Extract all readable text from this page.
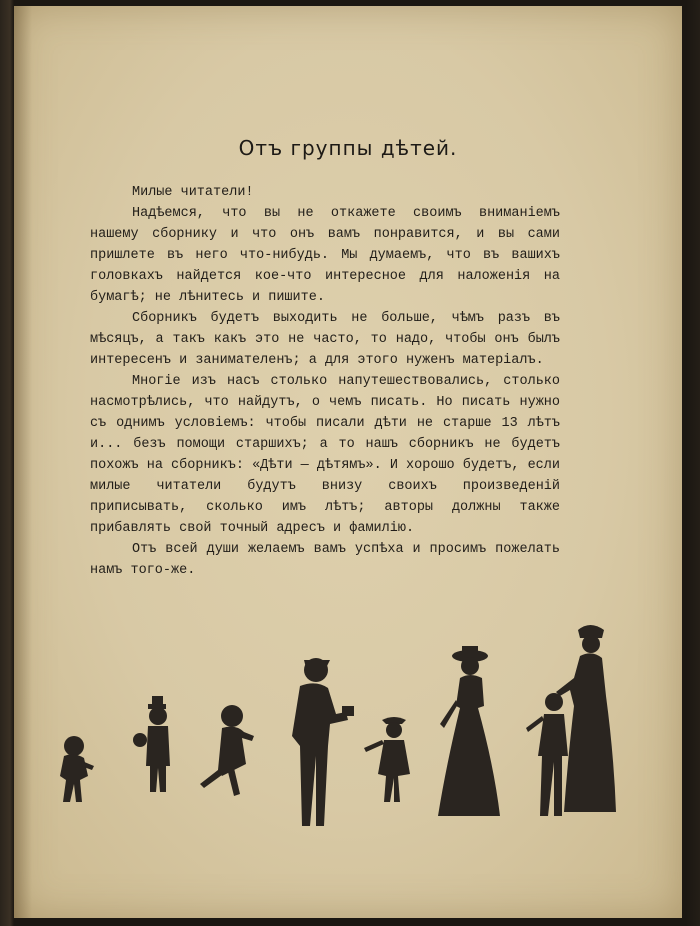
Отъ группы дѣтей.

Милые читатели!

Надѣемся, что вы не откажете своимъ вниманіемъ нашему сборнику и что онъ вамъ понравится, и вы сами пришлете въ него что-нибудь. Мы думаемъ, что въ вашихъ головкахъ найдется кое-что интересное для наложенія на бумагѣ; не лѣнитесь и пишите.

Сборникъ будетъ выходить не больше, чѣмъ разъ въ мѣсяцъ, а такъ какъ это не часто, то надо, чтобы онъ былъ интересенъ и занимателенъ; а для этого нуженъ матеріалъ.

Многіе изъ насъ столько напутешествовались, столько насмотрѣлись, что найдутъ, о чемъ писать. Но писать нужно съ однимъ условіемъ: чтобы писали дѣти не старше 13 лѣтъ и... безъ помощи старшихъ; а то нашъ сборникъ не будетъ похожъ на сборникъ: «Дѣти — дѣтямъ». И хорошо будетъ, если милые читатели будутъ внизу своихъ произведеній приписывать, сколько имъ лѣтъ; авторы должны также прибавлять свой точный адресъ и фамилію.

Отъ всей души желаемъ вамъ успѣха и просимъ пожелать намъ того-же.
